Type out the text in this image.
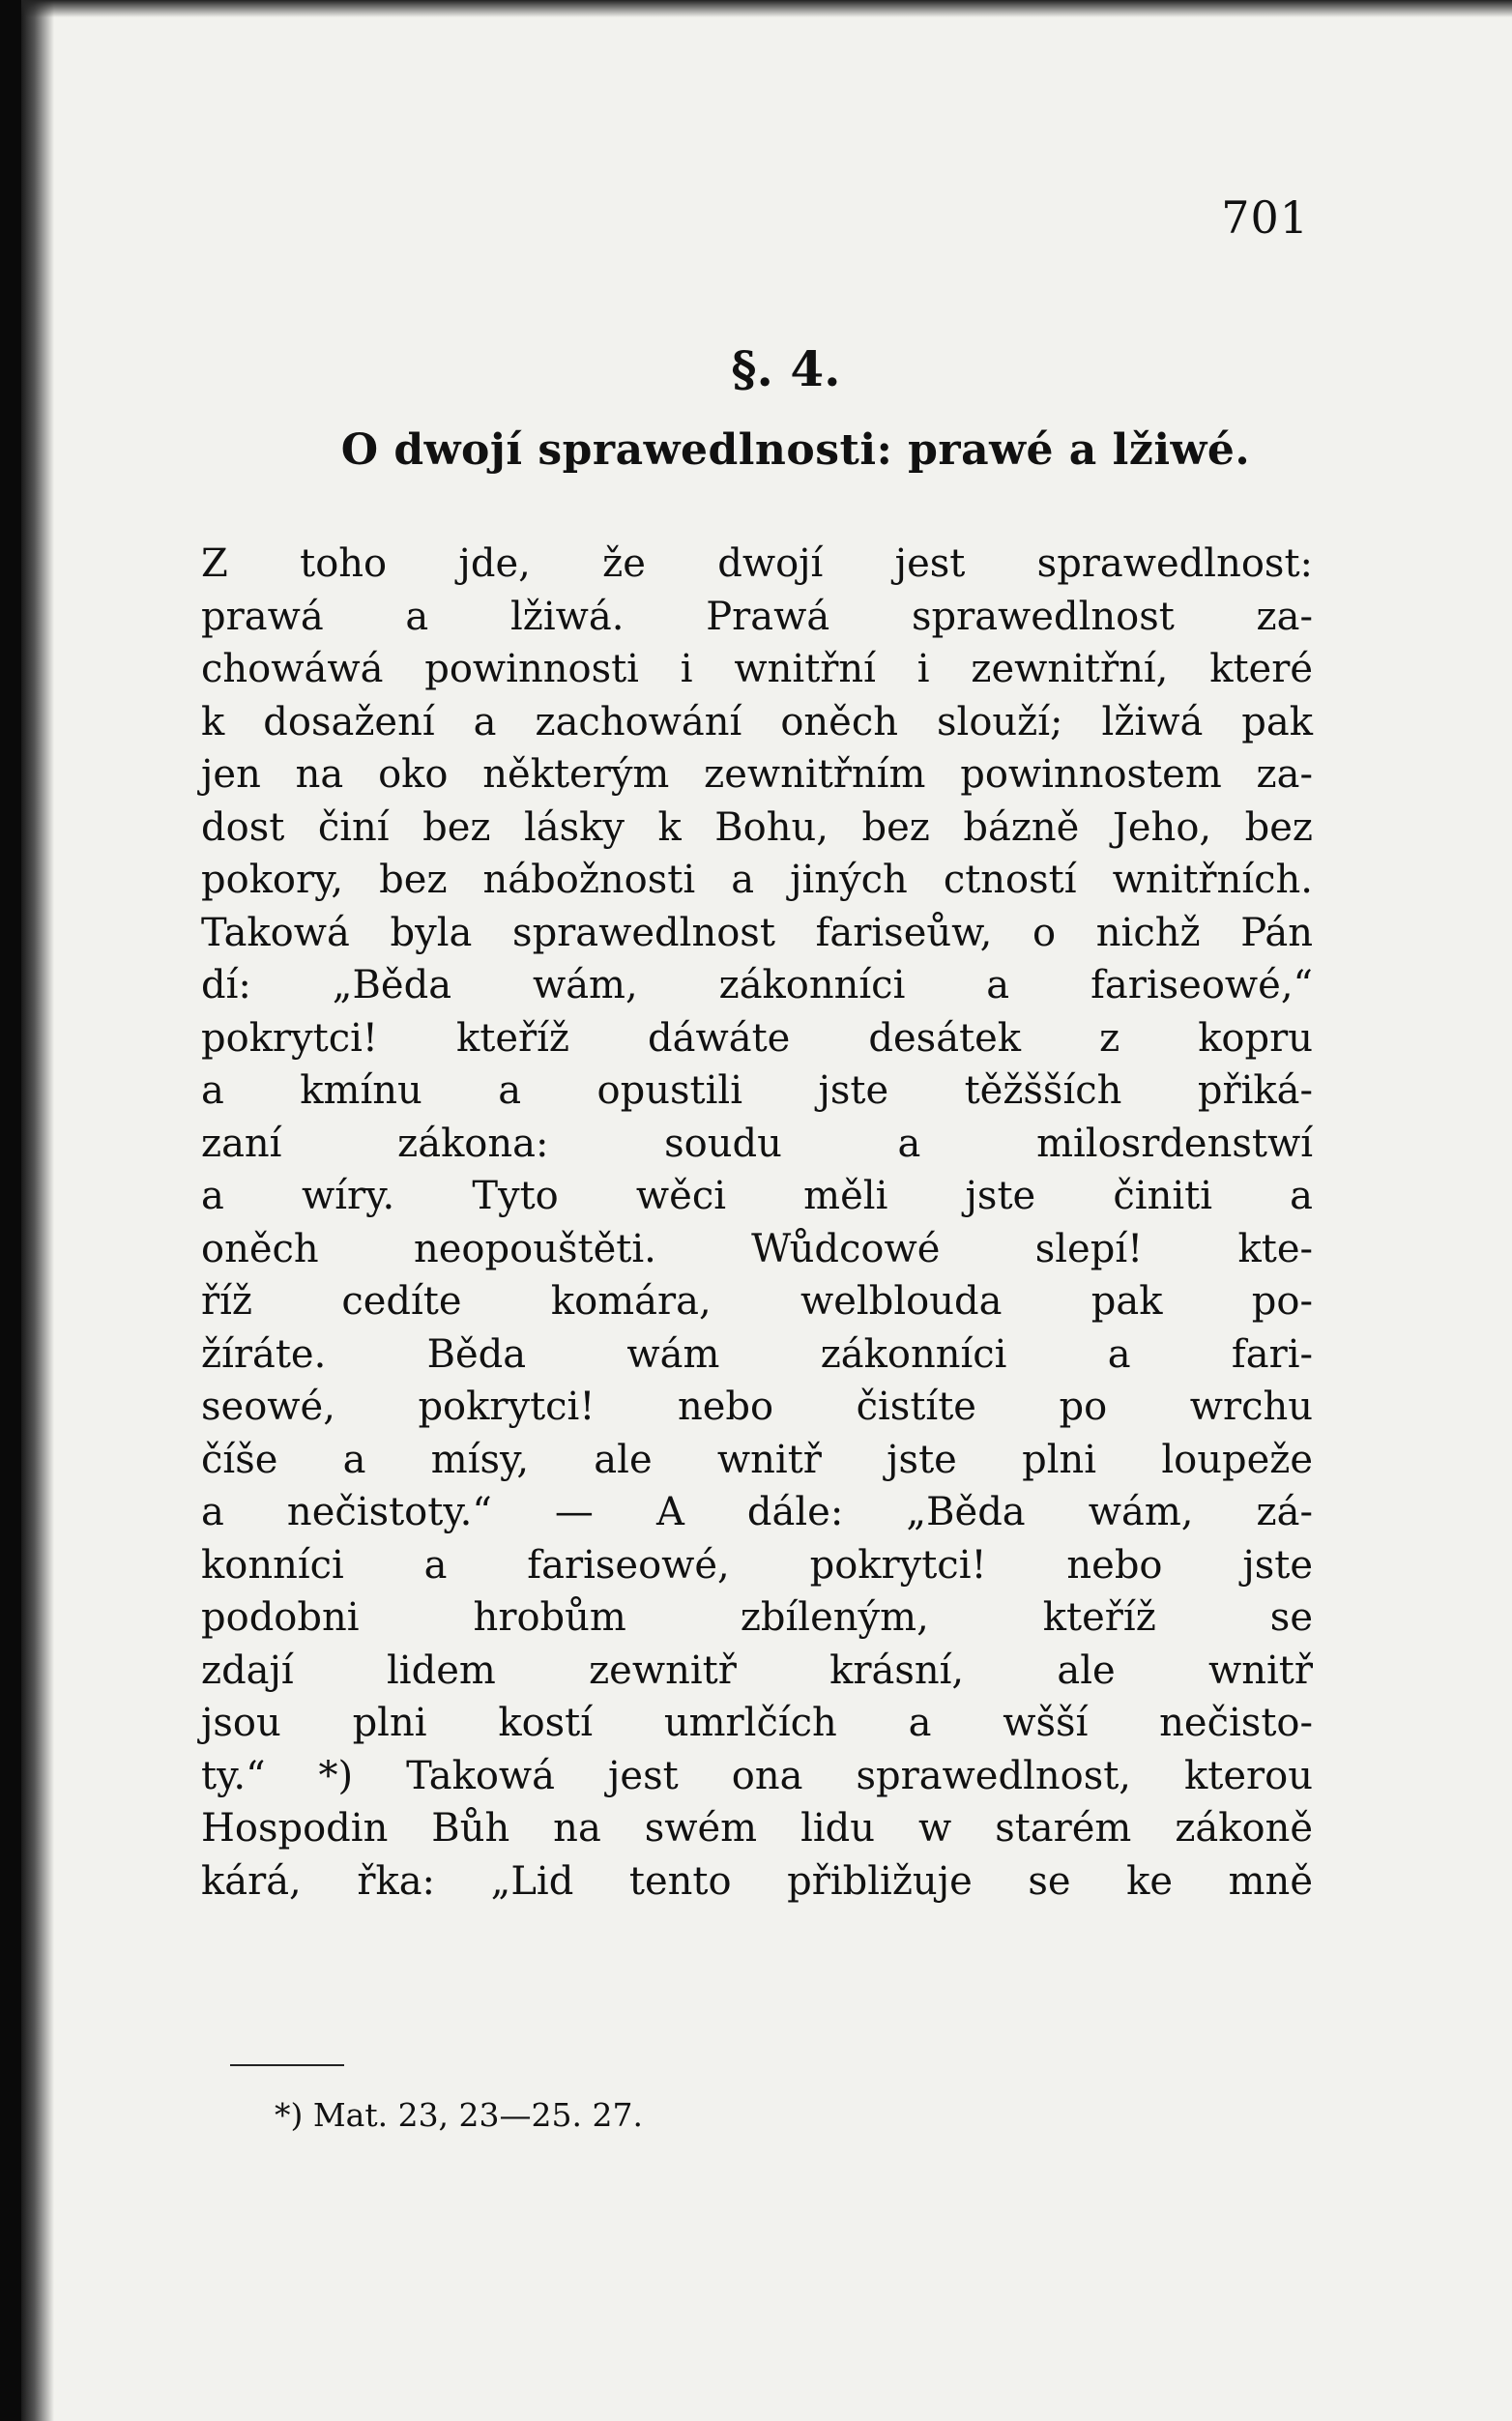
701
§. 4.
O dwojí sprawedlnosti: prawé a lžiwé.
Z toho jde, že dwojí jest sprawedlnost:
prawá a lžiwá. Prawá sprawedlnost za-
chowáwá powinnosti i wnitřní i zewnitřní, které
k dosažení a zachowání oněch slouží; lžiwá pak
jen na oko některým zewnitřním powinnostem za-
dost činí bez lásky k Bohu, bez bázně Jeho, bez
pokory, bez nábožnosti a jiných ctností wnitřních.
Takowá byla sprawedlnost fariseůw, o nichž Pán
dí: „Běda wám, zákonníci a fariseowé,“
pokrytci! kteříž dáwáte desátek z kopru
a kmínu a opustili jste těžšších přiká-
zaní zákona: soudu a milosrdenstwí
a wíry. Tyto wěci měli jste činiti a
oněch neopouštěti. Wůdcowé slepí! kte-
říž cedíte komára, welblouda pak po-
žíráte. Běda wám zákonníci a fari-
seowé, pokrytci! nebo čistíte po wrchu
číše a mísy, ale wnitř jste plni loupeže
a nečistoty.“ — A dále: „Běda wám, zá-
konníci a fariseowé, pokrytci! nebo jste
podobni hrobům zbíleným, kteříž se
zdají lidem zewnitř krásní, ale wnitř
jsou plni kostí umrlčích a wšší nečisto-
ty.“ *) Takowá jest ona sprawedlnost, kterou
Hospodin Bůh na swém lidu w starém zákoně
kárá, řka: „Lid tento přibližuje se ke mně
*) Mat. 23, 23—25. 27.
